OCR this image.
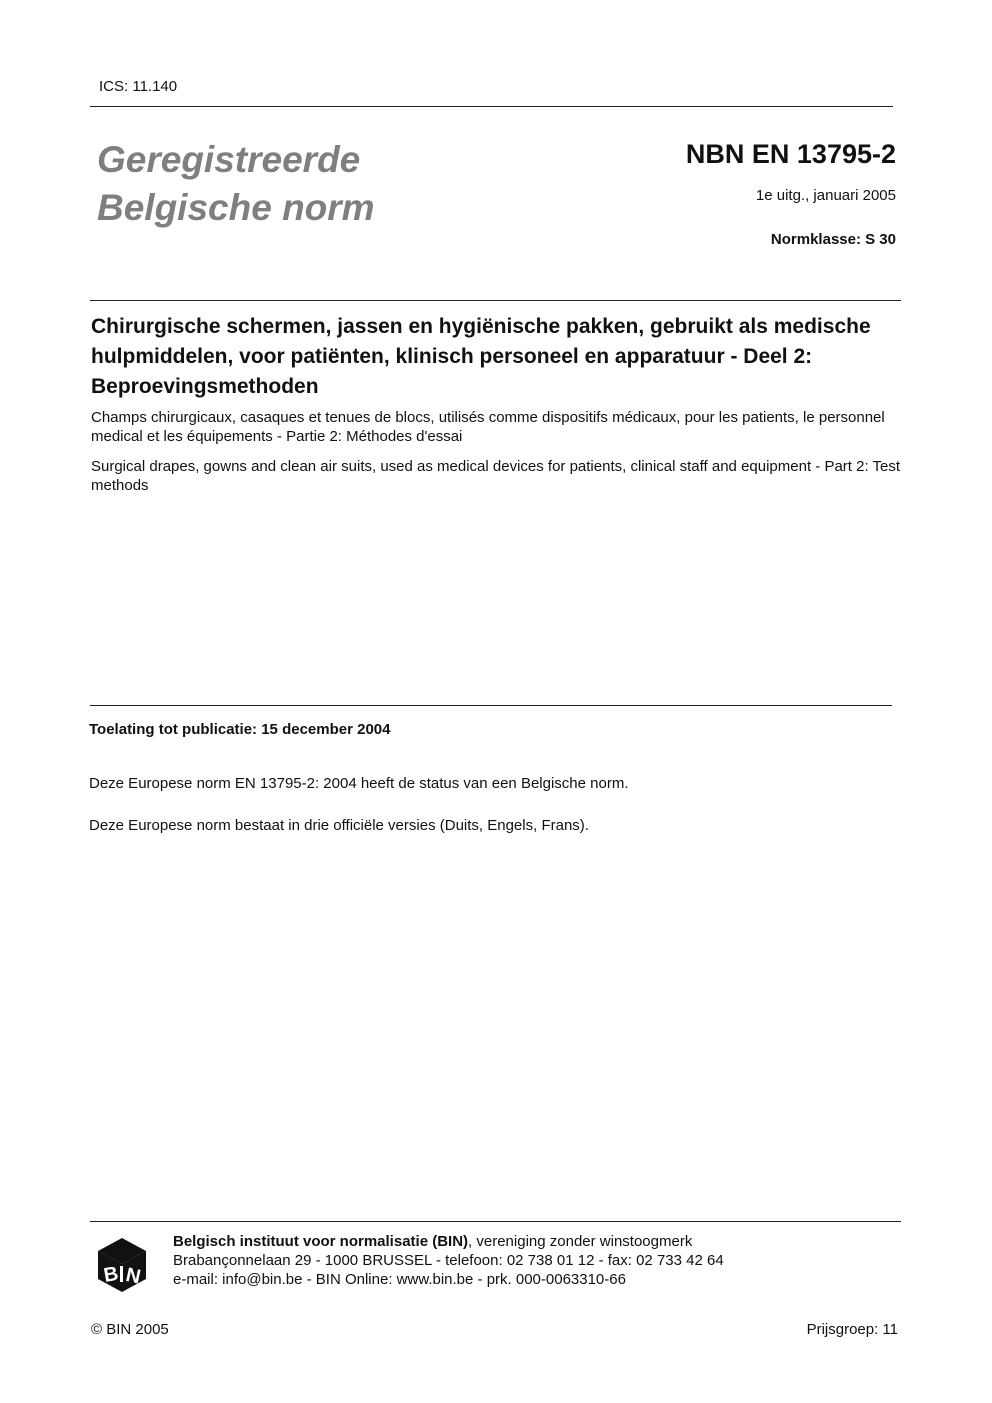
ICS: 11.140
Geregistreerde
Belgische norm
NBN EN 13795-2
1e uitg., januari 2005
Normklasse: S 30
Chirurgische schermen, jassen en hygiënische pakken, gebruikt als medische hulpmiddelen, voor patiënten, klinisch personeel en apparatuur - Deel 2: Beproevingsmethoden
Champs chirurgicaux, casaques et tenues de blocs, utilisés comme dispositifs médicaux, pour les patients, le personnel medical et les équipements - Partie 2: Méthodes d'essai
Surgical drapes, gowns and clean air suits, used as medical devices for patients, clinical staff and equipment - Part 2: Test methods
Toelating tot publicatie: 15 december 2004
Deze Europese norm EN 13795-2: 2004 heeft de status van een Belgische norm.
Deze Europese norm bestaat in drie officiële versies (Duits, Engels, Frans).
B N
Belgisch instituut voor normalisatie (BIN), vereniging zonder winstoogmerk
Brabançonnelaan 29 - 1000 BRUSSEL - telefoon: 02 738 01 12 - fax: 02 733 42 64
e-mail: info@bin.be - BIN Online: www.bin.be - prk. 000-0063310-66
© BIN 2005	Prijsgroep: 11
